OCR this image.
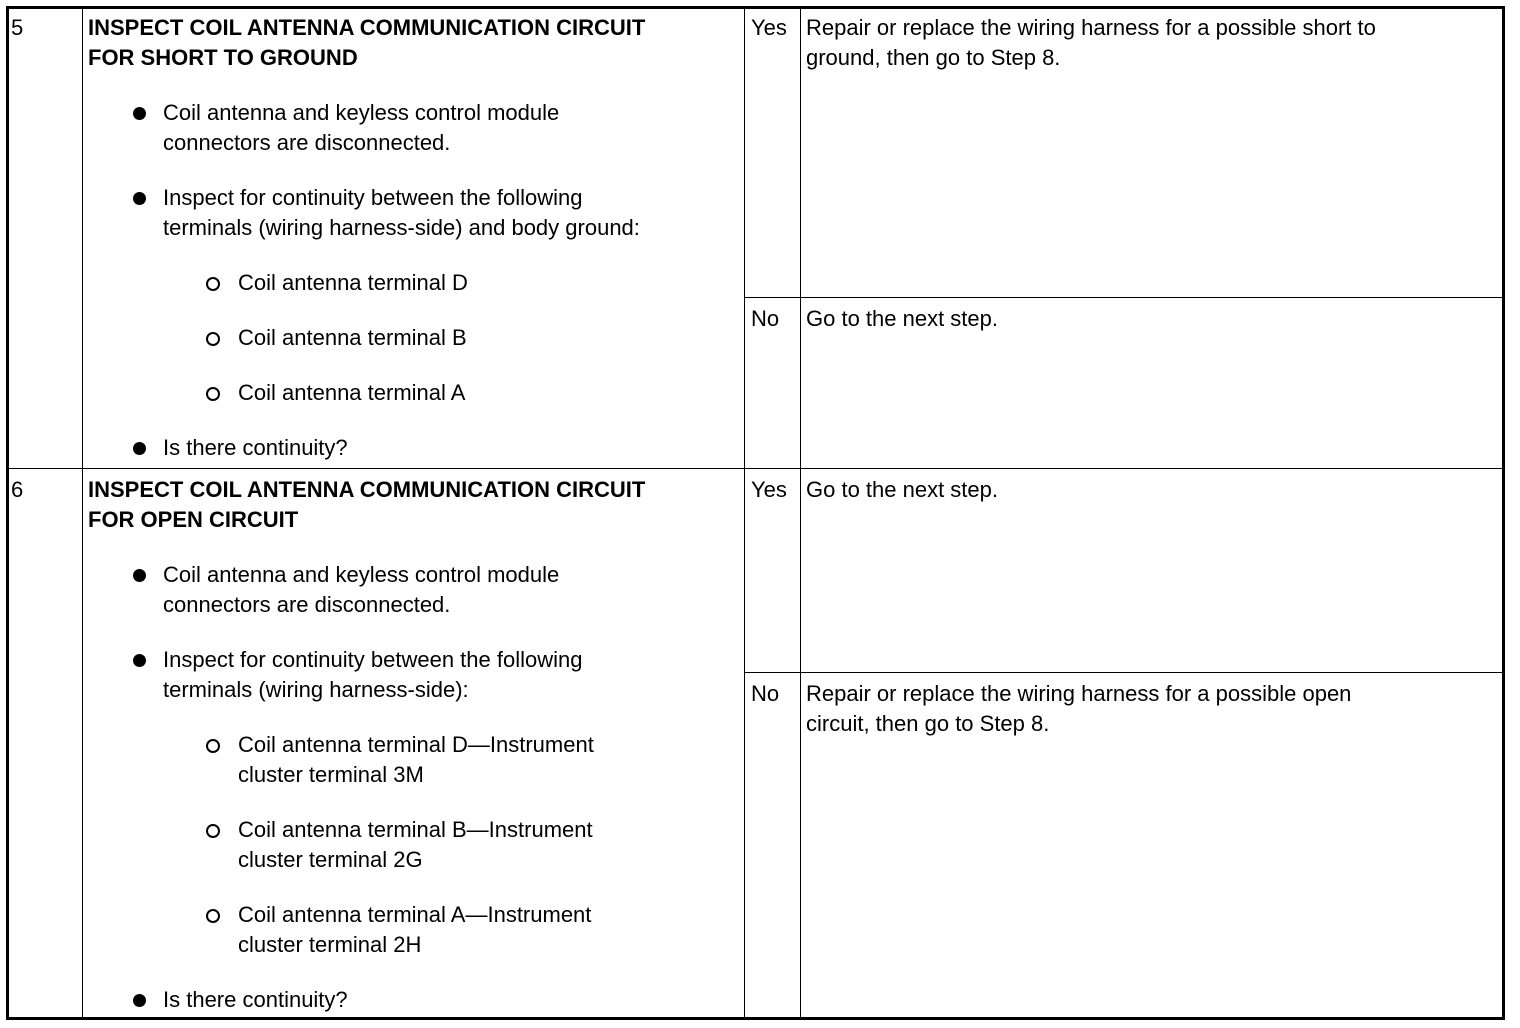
5	INSPECT COIL ANTENNA COMMUNICATION CIRCUIT
FOR SHORT TO GROUND
Coil antenna and keyless control module
connectors are disconnected.
Inspect for continuity between the following
terminals (wiring harness-side) and body ground:
Coil antenna terminal D
Coil antenna terminal B
Coil antenna terminal A
Is there continuity?
Yes Repair or replace the wiring harness for a possible short to
ground, then go to Step 8.
No Go to the next step.
6	INSPECT COIL ANTENNA COMMUNICATION CIRCUIT
FOR OPEN CIRCUIT
Coil antenna and keyless control module
connectors are disconnected.
Inspect for continuity between the following
terminals (wiring harness-side):
Coil antenna terminal D—Instrument
cluster terminal 3M
Coil antenna terminal B—Instrument
cluster terminal 2G
Coil antenna terminal A—Instrument
cluster terminal 2H
Is there continuity?
Yes Go to the next step.
No Repair or replace the wiring harness for a possible open
circuit, then go to Step 8.
